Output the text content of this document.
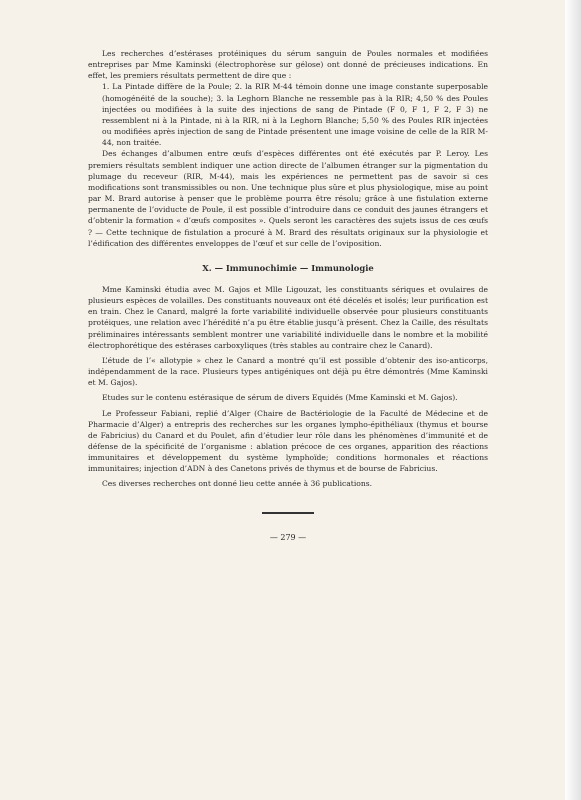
Les recherches d’estérases protéiniques du sérum sanguin de Poules normales et modifiées entreprises par Mme Kaminski (électrophorèse sur gélose) ont donné de précieuses indications. En effet, les premiers résultats permettent de dire que :

1. La Pintade diffère de la Poule; 2. la RIR M-44 témoin donne une image constante superposable (homogénéité de la souche); 3. la Leghorn Blanche ne ressemble pas à la RIR; 4,50 % des Poules injectées ou modifiées à la suite des injections de sang de Pintade (F 0, F 1, F 2, F 3) ne ressemblent ni à la Pintade, ni à la RIR, ni à la Leghorn Blanche; 5,50 % des Poules RIR injectées ou modifiées après injection de sang de Pintade présentent une image voisine de celle de la RIR M-44, non traitée.

Des échanges d’albumen entre œufs d’espèces différentes ont été exécutés par P. Leroy. Les premiers résultats semblent indiquer une action directe de l’albumen étranger sur la pigmentation du plumage du receveur (RIR, M-44), mais les expériences ne permettent pas de savoir si ces modifications sont transmissibles ou non. Une technique plus sûre et plus physiologique, mise au point par M. Brard autorise à penser que le problème pourra être résolu; grâce à une fistulation externe permanente de l’oviducte de Poule, il est possible d’introduire dans ce conduit des jaunes étrangers et d’obtenir la formation « d’œufs composites ». Quels seront les caractères des sujets issus de ces œufs ? — Cette technique de fistulation a procuré à M. Brard des résultats originaux sur la physiologie et l’édification des différentes enveloppes de l’œuf et sur celle de l’oviposition.

X. — Immunochimie — Immunologie

Mme Kaminski étudia avec M. Gajos et Mlle Ligouzat, les constituants sériques et ovulaires de plusieurs espèces de volailles. Des constituants nouveaux ont été décelés et isolés; leur purification est en train. Chez le Canard, malgré la forte variabilité individuelle observée pour plusieurs constituants protéiques, une relation avec l’hérédité n’a pu être établie jusqu’à présent. Chez la Caille, des résultats préliminaires intéressants semblent montrer une variabilité individuelle dans le nombre et la mobilité électrophorétique des estérases carboxyliques (très stables au contraire chez le Canard).

L’étude de l’« allotypie » chez le Canard a montré qu’il est possible d’obtenir des iso-anticorps, indépendamment de la race. Plusieurs types antigéniques ont déjà pu être démontrés (Mme Kaminski et M. Gajos).

Etudes sur le contenu estérasique de sérum de divers Equidés (Mme Kaminski et M. Gajos).

Le Professeur Fabiani, replié d’Alger (Chaire de Bactériologie de la Faculté de Médecine et de Pharmacie d’Alger) a entrepris des recherches sur les organes lympho-épithéliaux (thymus et bourse de Fabricius) du Canard et du Poulet, afin d’étudier leur rôle dans les phénomènes d’immunité et de défense de la spécificité de l’organisme : ablation précoce de ces organes, apparition des réactions immunitaires et développement du système lymphoïde; conditions hormonales et réactions immunitaires; injection d’ADN à des Canetons privés de thymus et de bourse de Fabricius.

Ces diverses recherches ont donné lieu cette année à 36 publications.

— 279 —
